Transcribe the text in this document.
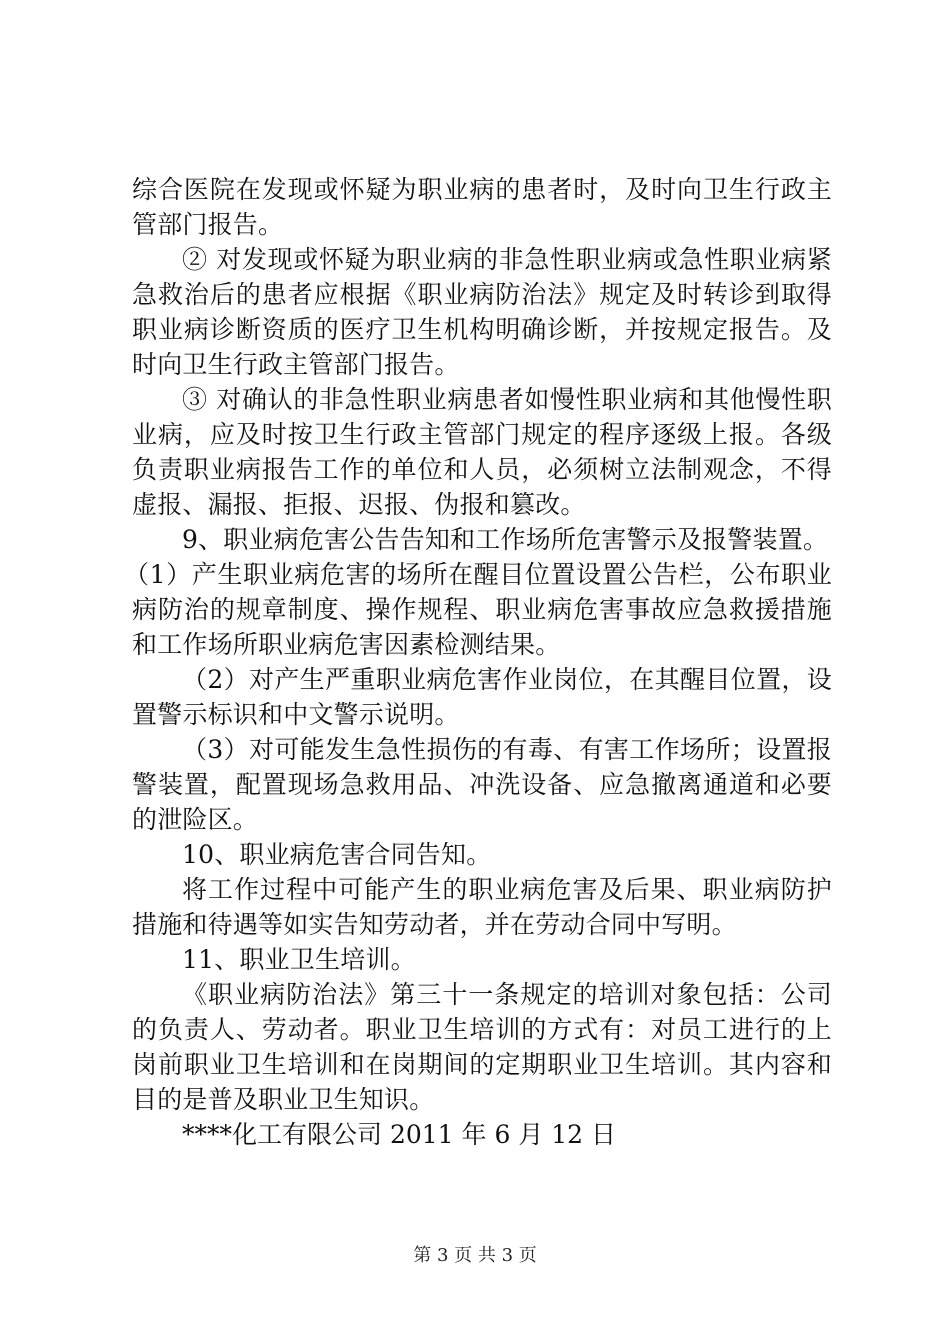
综合医院在发现或怀疑为职业病的患者时，及时向卫生行政主管部门报告。

② 对发现或怀疑为职业病的非急性职业病或急性职业病紧急救治后的患者应根据《职业病防治法》规定及时转诊到取得职业病诊断资质的医疗卫生机构明确诊断，并按规定报告。及时向卫生行政主管部门报告。

③ 对确认的非急性职业病患者如慢性职业病和其他慢性职业病，应及时按卫生行政主管部门规定的程序逐级上报。各级负责职业病报告工作的单位和人员，必须树立法制观念，不得虚报、漏报、拒报、迟报、伪报和篡改。

9、职业病危害公告告知和工作场所危害警示及报警装置。

（1）产生职业病危害的场所在醒目位置设置公告栏，公布职业病防治的规章制度、操作规程、职业病危害事故应急救援措施和工作场所职业病危害因素检测结果。

（2）对产生严重职业病危害作业岗位，在其醒目位置，设置警示标识和中文警示说明。

（3）对可能发生急性损伤的有毒、有害工作场所；设置报警装置，配置现场急救用品、冲洗设备、应急撤离通道和必要的泄险区。

10、职业病危害合同告知。

将工作过程中可能产生的职业病危害及后果、职业病防护措施和待遇等如实告知劳动者，并在劳动合同中写明。

11、职业卫生培训。

《职业病防治法》第三十一条规定的培训对象包括：公司的负责人、劳动者。职业卫生培训的方式有：对员工进行的上岗前职业卫生培训和在岗期间的定期职业卫生培训。其内容和目的是普及职业卫生知识。

****化工有限公司 2011 年 6 月 12 日

第 3 页 共 3 页
